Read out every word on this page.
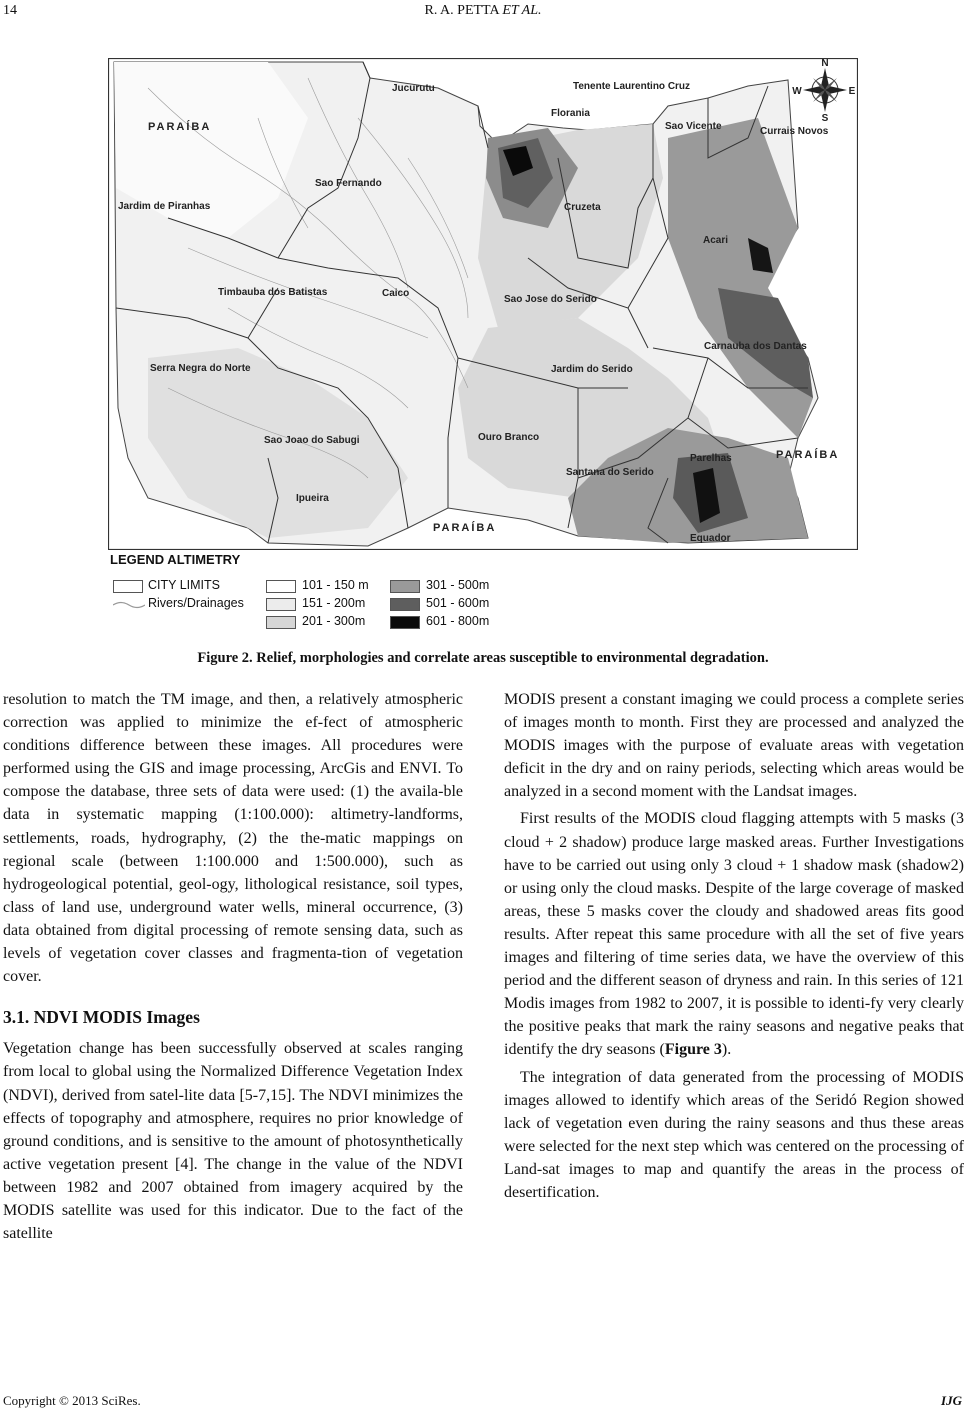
14	R. A. PETTA ET AL.
N
S
E
W
PARAÍBA
PARAÍBA
PARAÍBA
Jucurutu	Tenente Laurentino Cruz
Florania
Sao Vicente	Currais Novos
Sao Fernando
Jardim de Piranhas	Cruzeta
Acari
Timbauba dos Batistas	Caico
Sao Jose do Serido
Carnauba dos Dantas
Serra Negra do Norte	Jardim do Serido
Sao Joao do Sabugi	Ouro Branco
Santana do Serido
Parelhas
Ipueira
Equador
LEGEND ALTIMETRY
CITY LIMITS
Rivers/Drainages
101 - 150 m
151 - 200m
201 - 300m
301 - 500m
501 - 600m
601 - 800m
Figure 2. Relief, morphologies and correlate areas susceptible to environmental degradation.

resolution to match the TM image, and then, a relatively atmospheric correction was applied to minimize the ef-fect of atmospheric conditions difference between these images. All procedures were performed using the GIS and image processing, ArcGis and ENVI. To compose the database, three sets of data were used: (1) the availa-ble data in systematic mapping (1:100.000): altimetry-landforms, settlements, roads, hydrography, (2) the the-matic mappings on regional scale (between 1:100.000 and 1:500.000), such as hydrogeological potential, geol-ogy, lithological resistance, soil types, class of land use, underground water wells, mineral occurrence, (3) data obtained from digital processing of remote sensing data, such as levels of vegetation cover classes and fragmenta-tion of vegetation cover.

3.1. NDVI MODIS Images

Vegetation change has been successfully observed at scales ranging from local to global using the Normalized Difference Vegetation Index (NDVI), derived from satel-lite data [5-7,15]. The NDVI minimizes the effects of topography and atmosphere, requires no prior knowledge of ground conditions, and is sensitive to the amount of photosynthetically active vegetation present [4]. The change in the value of the NDVI between 1982 and 2007 obtained from imagery acquired by the MODIS satellite was used for this indicator. Due to the fact of the satellite

MODIS present a constant imaging we could process a complete series of images month to month. First they are processed and analyzed the MODIS images with the purpose of evaluate areas with vegetation deficit in the dry and on rainy periods, selecting which areas would be analyzed in a second moment with the Landsat images.

First results of the MODIS cloud flagging attempts with 5 masks (3 cloud + 2 shadow) produce large masked areas. Further Investigations have to be carried out using only 3 cloud + 1 shadow mask (shadow2) or using only the cloud masks. Despite of the large coverage of masked areas, these 5 masks cover the cloudy and shadowed areas fits good results. After repeat this same procedure with all the set of five years images and filtering of time series data, we have the overview of this period and the different season of dryness and rain. In this series of 121 Modis images from 1982 to 2007, it is possible to identi-fy very clearly the positive peaks that mark the rainy seasons and negative peaks that identify the dry seasons (Figure 3).

The integration of data generated from the processing of MODIS images allowed to identify which areas of the Seridó Region showed lack of vegetation even during the rainy seasons and thus these areas were selected for the next step which was centered on the processing of Land-sat images to map and quantify the areas in the process of desertification.

Copyright © 2013 SciRes.	IJG
